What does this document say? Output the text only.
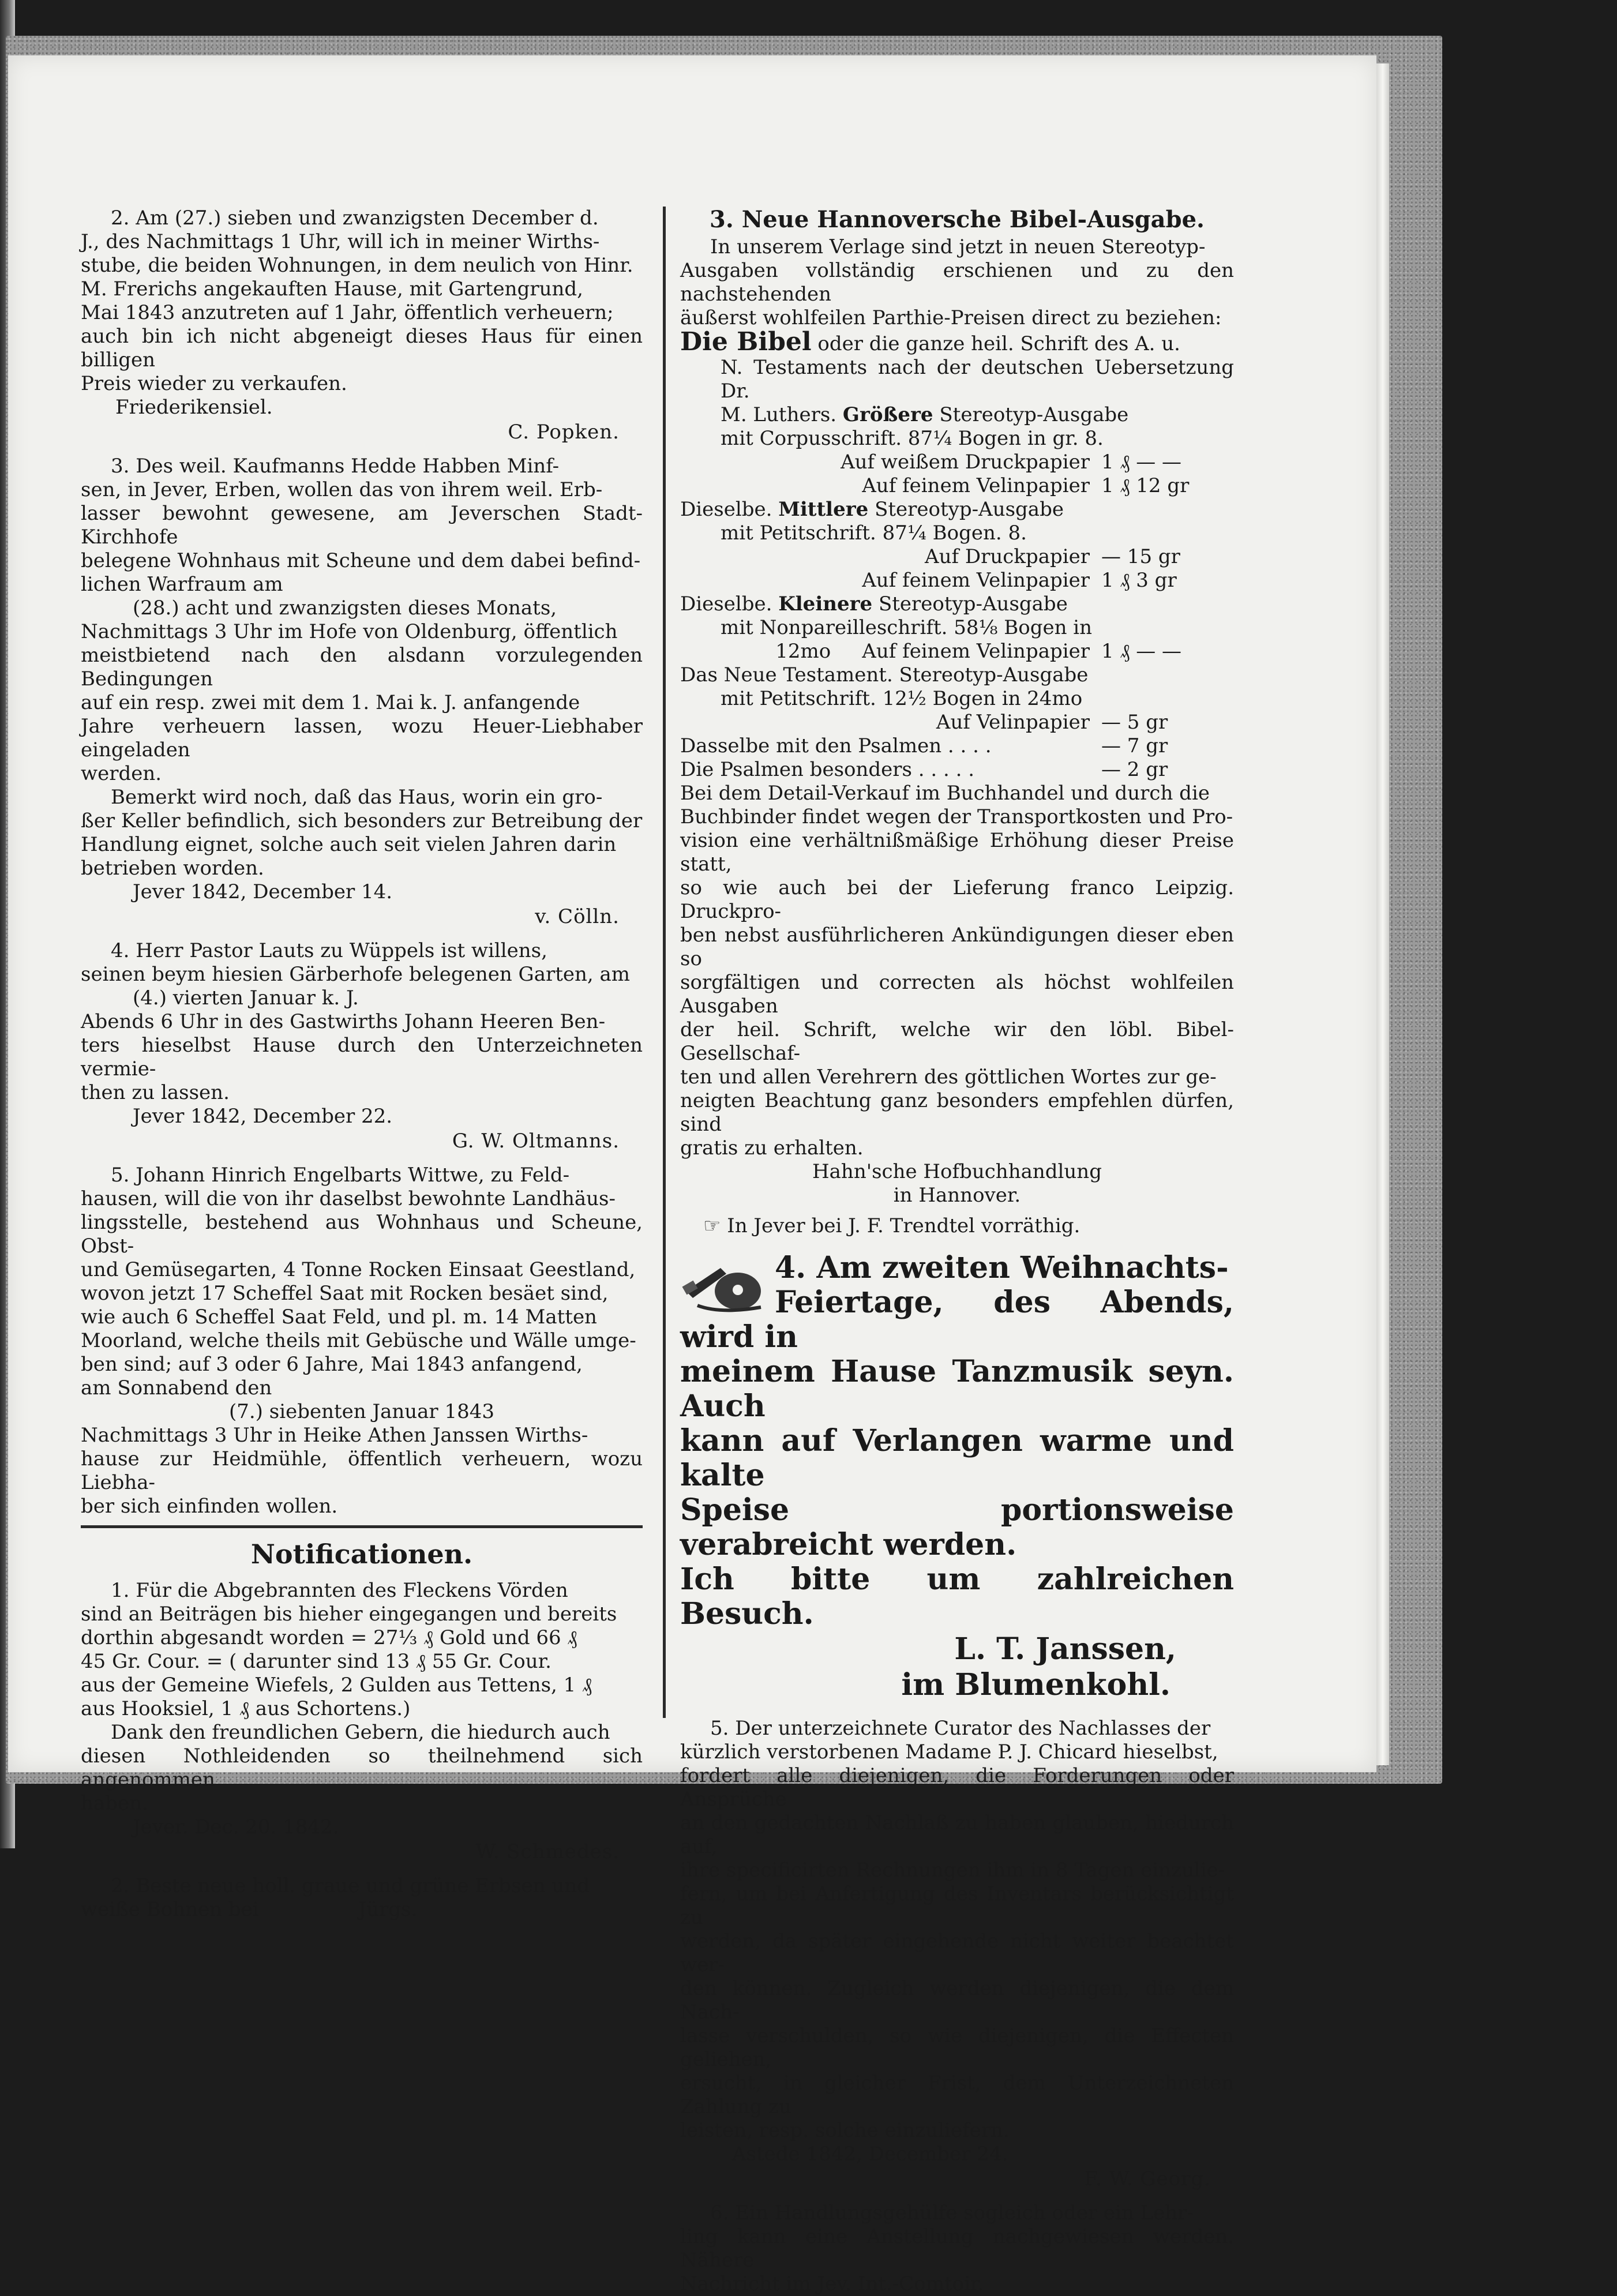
2. Am (27.) sieben und zwanzigsten December d.
J., des Nachmittags 1 Uhr, will ich in meiner Wirths-
stube, die beiden Wohnungen, in dem neulich von Hinr.
M. Frerichs angekauften Hause, mit Gartengrund,
Mai 1843 anzutreten auf 1 Jahr, öffentlich verheuern;
auch bin ich nicht abgeneigt dieses Haus für einen billigen
Preis wieder zu verkaufen.
Friederikensiel.
C. Popken.
3. Des weil. Kaufmanns Hedde Habben Minf-
sen, in Jever, Erben, wollen das von ihrem weil. Erb-
lasser bewohnt gewesene, am Jeverschen Stadt-Kirchhofe
belegene Wohnhaus mit Scheune und dem dabei befind-
lichen Warfraum am
(28.) acht und zwanzigsten dieses Monats,
Nachmittags 3 Uhr im Hofe von Oldenburg, öffentlich
meistbietend nach den alsdann vorzulegenden Bedingungen
auf ein resp. zwei mit dem 1. Mai k. J. anfangende
Jahre verheuern lassen, wozu Heuer-Liebhaber eingeladen
werden.
Bemerkt wird noch, daß das Haus, worin ein gro-
ßer Keller befindlich, sich besonders zur Betreibung der
Handlung eignet, solche auch seit vielen Jahren darin
betrieben worden.
Jever 1842, December 14.
v. Cölln.
4. Herr Pastor Lauts zu Wüppels ist willens,
seinen beym hiesien Gärberhofe belegenen Garten, am
(4.) vierten Januar k. J.
Abends 6 Uhr in des Gastwirths Johann Heeren Ben-
ters hieselbst Hause durch den Unterzeichneten vermie-
then zu lassen.
Jever 1842, December 22.
G. W. Oltmanns.
5. Johann Hinrich Engelbarts Wittwe, zu Feld-
hausen, will die von ihr daselbst bewohnte Landhäus-
lingsstelle, bestehend aus Wohnhaus und Scheune, Obst-
und Gemüsegarten, 4 Tonne Rocken Einsaat Geestland,
wovon jetzt 17 Scheffel Saat mit Rocken besäet sind,
wie auch 6 Scheffel Saat Feld, und pl. m. 14 Matten
Moorland, welche theils mit Gebüsche und Wälle umge-
ben sind; auf 3 oder 6 Jahre, Mai 1843 anfangend,
am Sonnabend den
(7.) siebenten Januar 1843
Nachmittags 3 Uhr in Heike Athen Janssen Wirths-
hause zur Heidmühle, öffentlich verheuern, wozu Liebha-
ber sich einfinden wollen.
Notificationen.
1. Für die Abgebrannten des Fleckens Vörden
sind an Beiträgen bis hieher eingegangen und bereits
dorthin abgesandt worden = 27⅓ ₰ Gold und 66 ₰
45 Gr. Cour. = ( darunter sind 13 ₰ 55 Gr. Cour.
aus der Gemeine Wiefels, 2 Gulden aus Tettens, 1 ₰
aus Hooksiel, 1 ₰ aus Schortens.)
Dank den freundlichen Gebern, die hiedurch auch
diesen Nothleidenden so theilnehmend sich angenommen
haben.
Jever. Dec. 20. 1842.
W. Schmedes.
2. Beste neue holl. graue und grüne Erbsen und
weiße Bohnen bei                Jürgs.
3. Neue Hannoversche Bibel-Ausgabe.
In unserem Verlage sind jetzt in neuen Stereotyp-
Ausgaben vollständig erschienen und zu den nachstehenden
äußerst wohlfeilen Parthie-Preisen direct zu beziehen:
Die Bibel oder die ganze heil. Schrift des A. u.
N. Testaments nach der deutschen Uebersetzung Dr.
M. Luthers. Größere Stereotyp-Ausgabe
mit Corpusschrift. 87¼ Bogen in gr. 8.
Auf weißem Druckpapier 1 ₰ — —
Auf feinem Velinpapier 1 ₰ 12 gr
Dieselbe. Mittlere Stereotyp-Ausgabe
mit Petitschrift. 87¼ Bogen. 8.
Auf Druckpapier — 15 gr
Auf feinem Velinpapier 1 ₰ 3 gr
Dieselbe. Kleinere Stereotyp-Ausgabe
mit Nonpareilleschrift. 58⅛ Bogen in
12mo     Auf feinem Velinpapier 1 ₰ — —
Das Neue Testament. Stereotyp-Ausgabe
mit Petitschrift. 12½ Bogen in 24mo
Auf Velinpapier — 5 gr
Dasselbe mit den Psalmen . . . .	— 7 gr
Die Psalmen besonders . . . . .	— 2 gr
Bei dem Detail-Verkauf im Buchhandel und durch die
Buchbinder findet wegen der Transportkosten und Pro-
vision eine verhältnißmäßige Erhöhung dieser Preise statt,
so wie auch bei der Lieferung franco Leipzig. Druckpro-
ben nebst ausführlicheren Ankündigungen dieser eben so
sorgfältigen und correcten als höchst wohlfeilen Ausgaben
der heil. Schrift, welche wir den löbl. Bibel-Gesellschaf-
ten und allen Verehrern des göttlichen Wortes zur ge-
neigten Beachtung ganz besonders empfehlen dürfen, sind
gratis zu erhalten.
Hahn'sche Hofbuchhandlung
in Hannover.
☞ In Jever bei J. F. Trendtel vorräthig.
4. Am zweiten Weihnachts-
Feiertage, des Abends, wird in
meinem Hause Tanzmusik seyn. Auch
kann auf Verlangen warme und kalte
Speise portionsweise verabreicht werden.
Ich bitte um zahlreichen Besuch.
L. T. Janssen,
im Blumenkohl.
5. Der unterzeichnete Curator des Nachlasses der
kürzlich verstorbenen Madame P. J. Chicard hieselbst,
fordert alle diejenigen, die Forderungen oder Ansprüche
an den gedachten Nachlaß zu haben glauben, hiedurch auf,
ihre specificirten Rechnungen ihm in 8 Tagen einzulie-
fern, um bei Anfertigung des Inventars berücksichtigt zu
werden, da später eingehende nicht weiter beachtet wer-
den können. Zugleich werden diejenigen, die dem Nach-
lasse verschulden, so wie diejenigen, die Effecten geliehen,
ersucht, in gleicher Frist, dem Unterzeichneten Zahlung zu
leisten, resp. solche einzuliefern.
Astede 1842, December 24.
F. W. Georg.
6. Ein Handlungsgehülfe sogleich oder ein Lehr-
ling kann eine Anstellung nachgewiesen werden. Nähere
Nachricht im Jev. Int.-Comtoir.
